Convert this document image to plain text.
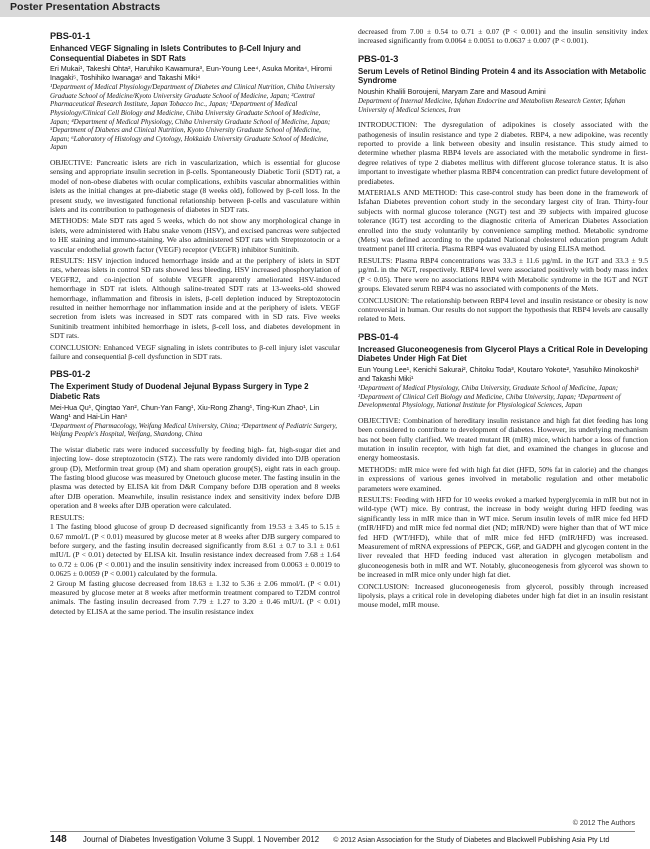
Poster Presentation Abstracts
PBS-01-1
Enhanced VEGF Signaling in Islets Contributes to β-Cell Injury and Consequential Diabetes in SDT Rats
Eri Mukai¹, Takeshi Ohta², Haruhiko Kawamura³, Eun-Young Lee⁴, Asuka Morita⁴, Hiromi Inagaki⁵, Toshihiko Iwanaga⁶ and Takashi Miki⁴
¹Department of Medical Physiology/Department of Diabetes and Clinical Nutrition, Chiba University Graduate School of Medicine/Kyoto University Graduate School of Medicine, Japan; ²Central Pharmaceutical Research Institute, Japan Tobacco Inc., Japan; ³Department of Medical Physiology/Clinical Cell Biology and Medicine, Chiba University Graduate School of Medicine, Japan; ⁴Department of Medical Physiology, Chiba University Graduate School of Medicine, Japan; ⁵Department of Diabetes and Clinical Nutrition, Kyoto University Graduate School of Medicine, Japan; ⁶Laboratory of Histology and Cytology, Hokkaido University Graduate School of Medicine, Japan
OBJECTIVE: Pancreatic islets are rich in vascularization, which is essential for glucose sensing and appropriate insulin secretion in β-cells. Spontaneously Diabetic Torii (SDT) rat, a model of non-obese diabetes with ocular complications, exhibits vascular abnormalities within islets as the initial changes at pre-diabetic stage (8 weeks old), followed by β-cell loss. In the present study, we investigated functional relationship between β-cells and vasculature within islets and its contribution to pathogenesis of diabetes in SDT rats.
METHODS: Male SDT rats aged 5 weeks, which do not show any morphological change in islets, were administered with Habu snake venom (HSV), and excised pancreas were subjected to HE staining and immuno-staining. We also administered SDT rats with Streptozotocin or a vascular endothelial growth factor (VEGF) receptor (VEGFR) inhibitor Sunitinib.
RESULTS: HSV injection induced hemorrhage inside and at the periphery of islets in SDT rats, whereas islets in control SD rats showed less bleeding. HSV increased phosphorylation of VEGFR2, and co-injection of soluble VEGFR apparently ameliorated HSV-induced hemorrhage in SDT rat islets. Although saline-treated SDT rats at 13-weeks-old showed hemorrhage, inflammation and fibrosis in islets, β-cell depletion induced by Streptozotocin resulted in neither hemorrhage nor inflammation inside and at the periphery of islets. VEGF secretion from islets was increased in SDT rats compared with in SD rats. Five weeks Sunitinib treatment inhibited hemorrhage in islets, β-cell loss, and diabetes development in SDT rats.
CONCLUSION: Enhanced VEGF signaling in islets contributes to β-cell injury islet vascular failure and consequential β-cell dysfunction in SDT rats.
PBS-01-2
The Experiment Study of Duodenal Jejunal Bypass Surgery in Type 2 Diabetic Rats
Mei-Hua Qu¹, Qingtao Yan², Chun-Yan Fang¹, Xiu-Rong Zhang¹, Ting-Kun Zhao¹, Lin Wang¹ and Hai-Lin Han¹
¹Department of Pharmacology, Weifang Medical University, China; ²Department of Pediatric Surgery, Weifang People's Hospital, Weifang, Shandong, China
The wistar diabetic rats were induced successfully by feeding high- fat, high-sugar diet and injecting low- dose streptozotocin (STZ). The rats were randomly divided into DJB operation group (D), Metformin treat group (M) and sham operation group(S), eight rats in each group. The fasting blood glucose was measured by Onetouch glucose meter. The fasting insulin in the plasma was detected by ELISA kit from D&R Company before DJB operation and 8 weeks after DJB operation. Meanwhile, insulin resistance index and sensitivity index before DJB operation and 8 weeks after DJB operation were calculated.
RESULTS:
1 The fasting blood glucose of group D decreased significantly from 19.53 ± 3.45 to 5.15 ± 0.67 mmol/L (P < 0.01) measured by glucose meter at 8 weeks after DJB surgery compared to before surgery, and the fasting insulin decreased significantly from 8.61 ± 0.7 to 3.1 ± 0.61 mIU/L (P < 0.01) detected by ELISA kit. Insulin resistance index decreased from 7.68 ± 1.64 to 0.72 ± 0.06 (P < 0.001) and the insulin sensitivity index increased from 0.0063 ± 0.0019 to 0.0625 ± 0.0059 (P < 0.001) calculated by the formula.
2 Group M fasting glucose decreased from 18.63 ± 1.32 to 5.36 ± 2.06 mmol/L (P < 0.01) measured by glucose meter at 8 weeks after metformin treatment compared to T2DM control animals. The fasting insulin decreased from 7.79 ± 1.27 to 3.20 ± 0.46 mIU/L (P < 0.01) detected by ELISA at the same period. The insulin resistance index
decreased from 7.00 ± 0.54 to 0.71 ± 0.07 (P < 0.001) and the insulin sensitivity index increased significantly from 0.0064 ± 0.0051 to 0.0637 ± 0.007 (P < 0.001).
PBS-01-3
Serum Levels of Retinol Binding Protein 4 and its Association with Metabolic Syndrome
Noushin Khalili Boroujeni, Maryam Zare and Masoud Amini
Department of Internal Medicine, Isfahan Endocrine and Metabolism Research Center, Isfahan University of Medical Sciences, Iran
INTRODUCTION: The dysregulation of adipokines is closely associated with the pathogenesis of insulin resistance and type 2 diabetes. RBP4, a new adipokine, was recently reported to provide a link between obesity and insulin resistance. This study aimed to determine whether plasma RBP4 levels are associated with the metabolic syndrome in first-degree relatives of type 2 diabetes mellitus with different glucose tolerance status. It is also important to investigate whether plasma RBP4 concentration can predict future development of prediabetes.
MATERIALS AND METHOD: This case-control study has been done in the framework of Isfahan Diabetes prevention cohort study in the secondary largest city of Iran. Thirty-four subjects with normal glucose tolerance (NGT) test and 39 subjects with impaired glucose tolerance (IGT) test according to the diagnostic criteria of American Diabetes Association enrolled into the study voluntarily by convenience sampling method. Metabolic syndrome (Mets) was defined according to the updated National cholesterol education program Adult treatment panel III criteria. Plasma RBP4 was evaluated by using ELISA method.
RESULTS: Plasma RBP4 concentrations was 33.3 ± 11.6 µg/mL in the IGT and 33.3 ± 9.5 µg/mL in the NGT, respectively. RBP4 level were associated positively with body mass index (P < 0.05). There were no associations RBP4 with Metabolic syndrome in the IGT and NGT groups. Elevated serum RBP4 was no associated with components of the Mets.
CONCLUSION: The relationship between RBP4 level and insulin resistance or obesity is now controversial in human. Our results do not support the hypothesis that RBP4 levels are causally related to Mets.
PBS-01-4
Increased Gluconeogenesis from Glycerol Plays a Critical Role in Developing Diabetes Under High Fat Diet
Eun Young Lee¹, Kenichi Sakurai², Chitoku Toda³, Koutaro Yokote², Yasuhiko Minokoshi³ and Takashi Miki¹
¹Department of Medical Physiology, Chiba University, Graduate School of Medicine, Japan; ²Department of Clinical Cell Biology and Medicine, Chiba University, Japan; ³Department of Developmental Physiology, National Institute for Physiological Sciences, Japan
OBJECTIVE: Combination of hereditary insulin resistance and high fat diet feeding has long been considered to contribute to development of diabetes. However, its underlying mechanism has not been fully clarified. We treated mutant IR (mIR) mice, which harbor a loss of function mutation in insulin receptor, with high fat diet, and examined the changes in glucose and energy homeostasis.
METHODS: mIR mice were fed with high fat diet (HFD, 50% fat in calorie) and the changes in expressions of various genes involved in metabolic regulation and other metabolic parameters were examined.
RESULTS: Feeding with HFD for 10 weeks evoked a marked hyperglycemia in mIR but not in wild-type (WT) mice. By contrast, the increase in body weight during HFD feeding was significantly less in mIR mice than in WT mice. Serum insulin levels of mIR mice fed HFD (mIR/HFD) and mIR mice fed normal diet (ND; mIR/ND) were higher than that of WT mice fed HFD (WT/HFD), while that of mIR mice fed HFD (mIR/HFD) was increased. Measurement of mRNA expressions of PEPCK, G6P, and GADPH and glycogen content in the liver revealed that HFD feeding induced vast alteration in glycogen metabolism and gluconeogenesis both in mIR and WT. Notably, gluconeogenesis from glycerol was shown to be increased in mIR mice only under high fat diet.
CONCLUSION: Increased gluconeogenesis from glycerol, possibly through increased lipolysis, plays a critical role in developing diabetes under high fat diet in an insulin resistant mouse model, mIR mouse.
© 2012 The Authors
148 Journal of Diabetes Investigation Volume 3 Suppl. 1 November 2012 © 2012 Asian Association for the Study of Diabetes and Blackwell Publishing Asia Pty Ltd
